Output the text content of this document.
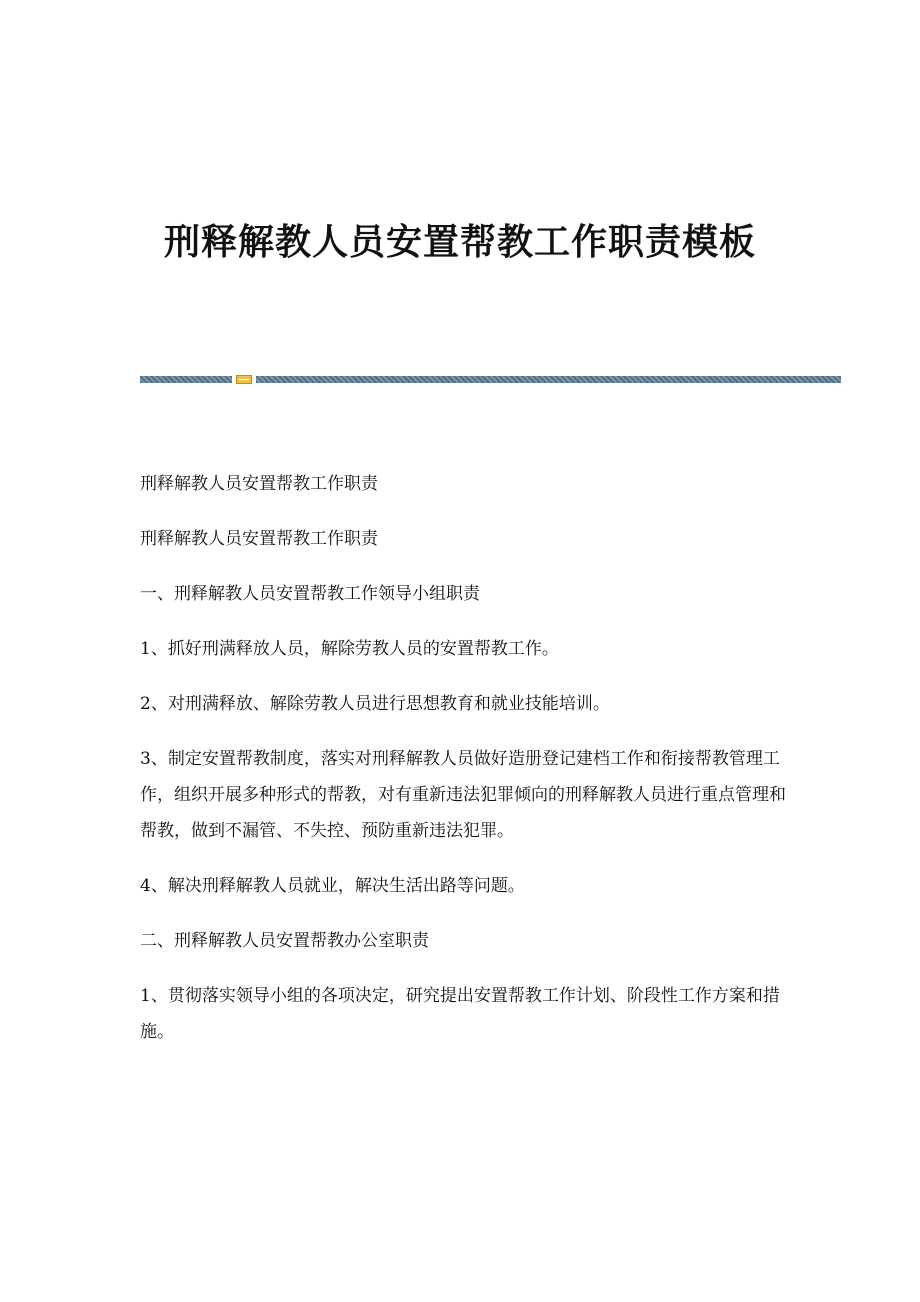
刑释解教人员安置帮教工作职责模板

刑释解教人员安置帮教工作职责

刑释解教人员安置帮教工作职责

一、刑释解教人员安置帮教工作领导小组职责

1、抓好刑满释放人员，解除劳教人员的安置帮教工作。

2、对刑满释放、解除劳教人员进行思想教育和就业技能培训。

3、制定安置帮教制度，落实对刑释解教人员做好造册登记建档工作和衔接帮教管理工作，组织开展多种形式的帮教，对有重新违法犯罪倾向的刑释解教人员进行重点管理和帮教，做到不漏管、不失控、预防重新违法犯罪。

4、解决刑释解教人员就业，解决生活出路等问题。

二、刑释解教人员安置帮教办公室职责

1、贯彻落实领导小组的各项决定，研究提出安置帮教工作计划、阶段性工作方案和措施。
